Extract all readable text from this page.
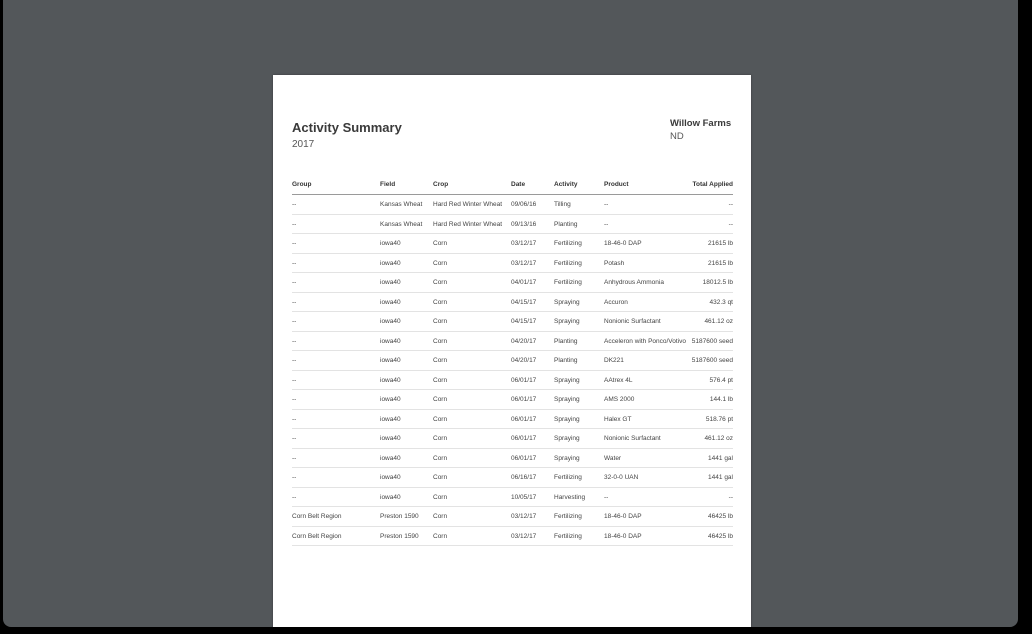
Activity Summary
2017
Willow Farms
ND
Group	Field	Crop	Date	Activity	Product	Total Applied
--	Kansas Wheat	Hard Red Winter Wheat	09/06/16	Tilling	--	--
--	Kansas Wheat	Hard Red Winter Wheat	09/13/16	Planting	--	--
--	iowa40	Corn	03/12/17	Fertilizing	18-46-0 DAP	21615 lb
--	iowa40	Corn	03/12/17	Fertilizing	Potash	21615 lb
--	iowa40	Corn	04/01/17	Fertilizing	Anhydrous Ammonia	18012.5 lb
--	iowa40	Corn	04/15/17	Spraying	Accuron	432.3 qt
--	iowa40	Corn	04/15/17	Spraying	Nonionic Surfactant	461.12 oz
--	iowa40	Corn	04/20/17	Planting	Acceleron with Ponco/Votivo	5187600 seed
--	iowa40	Corn	04/20/17	Planting	DK221	5187600 seed
--	iowa40	Corn	06/01/17	Spraying	AAtrex 4L	576.4 pt
--	iowa40	Corn	06/01/17	Spraying	AMS 2000	144.1 lb
--	iowa40	Corn	06/01/17	Spraying	Halex GT	518.76 pt
--	iowa40	Corn	06/01/17	Spraying	Nonionic Surfactant	461.12 oz
--	iowa40	Corn	06/01/17	Spraying	Water	1441 gal
--	iowa40	Corn	06/16/17	Fertilizing	32-0-0 UAN	1441 gal
--	iowa40	Corn	10/05/17	Harvesting	--	--
Corn Belt Region	Preston 1590	Corn	03/12/17	Fertilizing	18-46-0 DAP	46425 lb
Corn Belt Region	Preston 1590	Corn	03/12/17	Fertilizing	18-46-0 DAP	46425 lb
